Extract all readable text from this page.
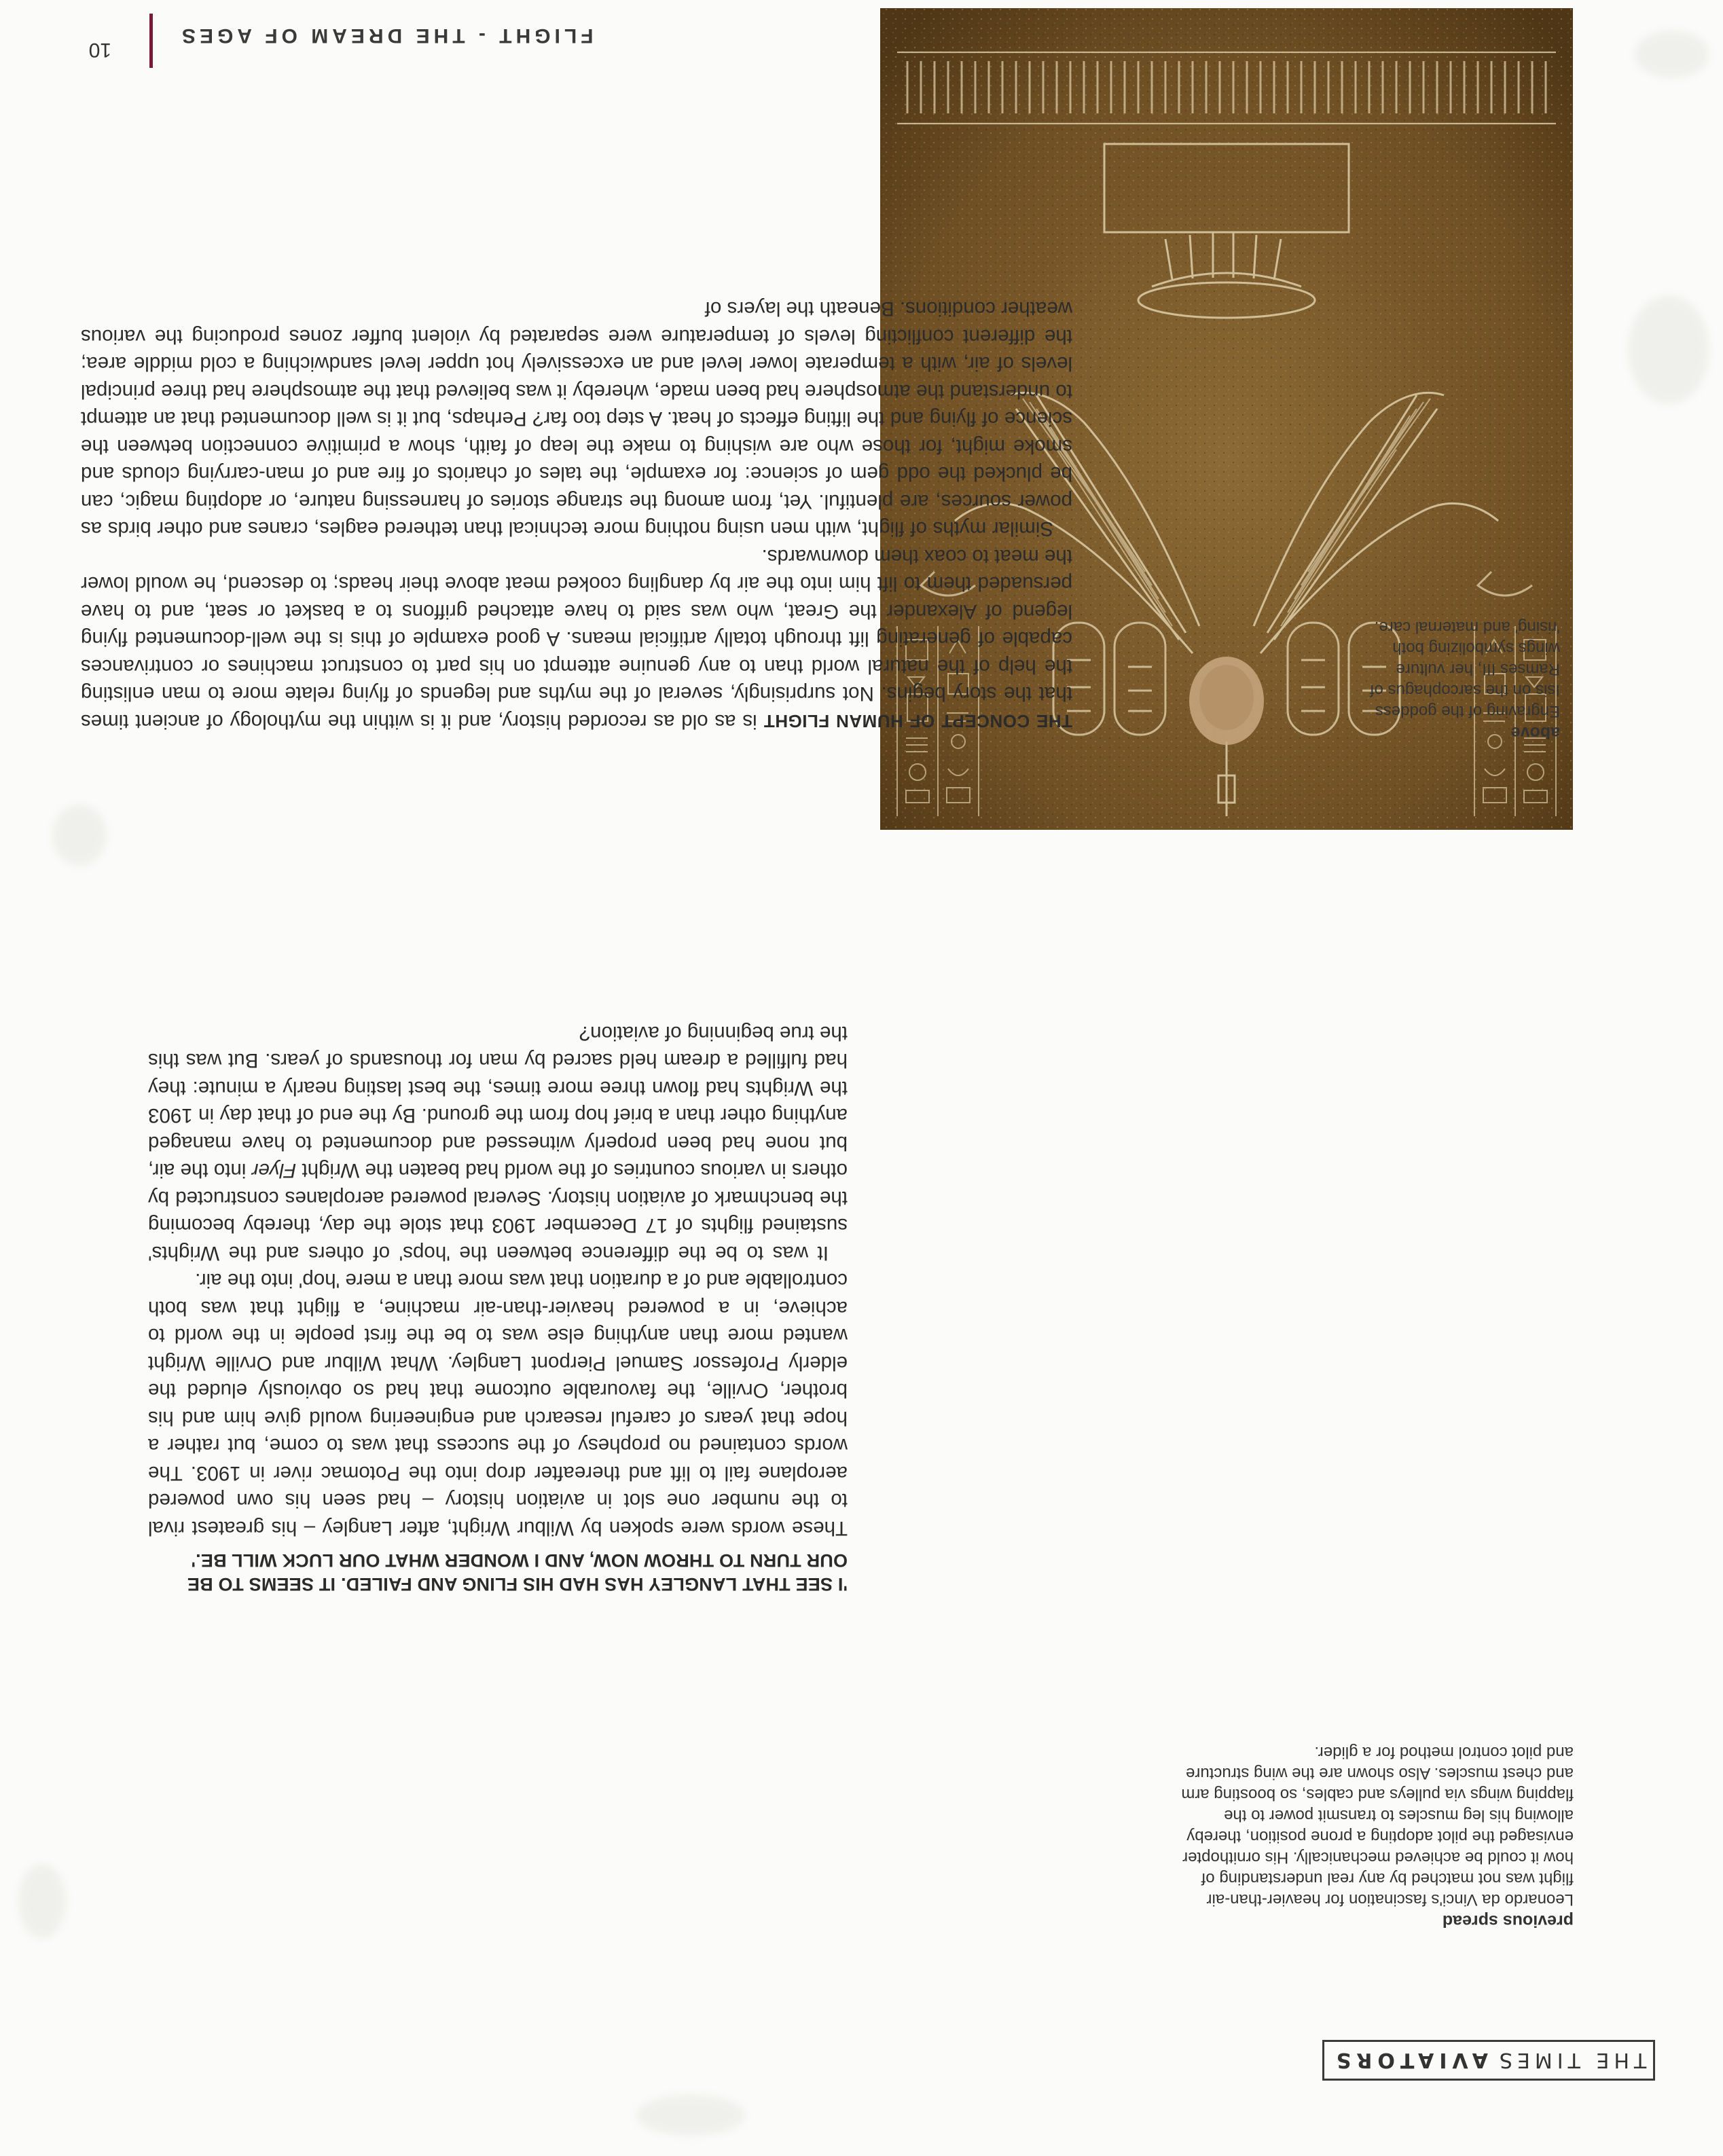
THE TIMES
AVIATORS
10
FLIGHT - THE DREAM OF AGES
previous spread
Leonardo da Vinci's fascination for heavier-than-air flight was not matched by any real understanding of how it could be achieved mechanically. His ornithopter envisaged the pilot adopting a prone position, thereby allowing his leg muscles to transmit power to the flapping wings via pulleys and cables, so boosting arm and chest muscles. Also shown are the wing structure and pilot control method for a glider.
above
Engraving of the goddess Isis on the sarcophagus of Ramses III, her vulture wings symbolizing both 'rising' and maternal care.
'I SEE THAT LANGLEY HAS HAD HIS FLING AND FAILED. IT SEEMS TO BE OUR TURN TO THROW NOW, AND I WONDER WHAT OUR LUCK WILL BE.'

These words were spoken by Wilbur Wright, after Langley – his greatest rival to the number one slot in aviation history – had seen his own powered aeroplane fail to lift and thereafter drop into the Potomac river in 1903. The words contained no prophesy of the success that was to come, but rather a hope that years of careful research and engineering would give him and his brother, Orville, the favourable outcome that had so obviously eluded the elderly Professor Samuel Pierpont Langley. What Wilbur and Orville Wright wanted more than anything else was to be the first people in the world to achieve, in a powered heavier-than-air machine, a flight that was both controllable and of a duration that was more than a mere 'hop' into the air.

It was to be the difference between the 'hops' of others and the Wrights' sustained flights of 17 December 1903 that stole the day, thereby becoming the benchmark of aviation history. Several powered aeroplanes constructed by others in various countries of the world had beaten the Wright Flyer into the air, but none had been properly witnessed and documented to have managed anything other than a brief hop from the ground. By the end of that day in 1903 the Wrights had flown three more times, the best lasting nearly a minute: they had fulfilled a dream held sacred by man for thousands of years. But was this the true beginning of aviation?

THE CONCEPT OF HUMAN FLIGHT is as old as recorded history, and it is within the mythology of ancient times that the story begins. Not surprisingly, several of the myths and legends of flying relate more to man enlisting the help of the natural world than to any genuine attempt on his part to construct machines or contrivances capable of generating lift through totally artificial means. A good example of this is the well-documented flying legend of Alexander the Great, who was said to have attached griffons to a basket or seat, and to have persuaded them to lift him into the air by dangling cooked meat above their heads; to descend, he would lower the meat to coax them downwards.

Similar myths of flight, with men using nothing more technical than tethered eagles, cranes and other birds as power sources, are plentiful. Yet, from among the strange stories of harnessing nature, or adopting magic, can be plucked the odd gem of science: for example, the tales of chariots of fire and of man-carrying clouds and smoke might, for those who are wishing to make the leap of faith, show a primitive connection between the science of flying and the lifting effects of heat. A step too far? Perhaps, but it is well documented that an attempt to understand the atmosphere had been made, whereby it was believed that the atmosphere had three principal levels of air, with a temperate lower level and an excessively hot upper level sandwiching a cold middle area; the different conflicting levels of temperature were separated by violent buffer zones producing the various weather conditions. Beneath the layers of
